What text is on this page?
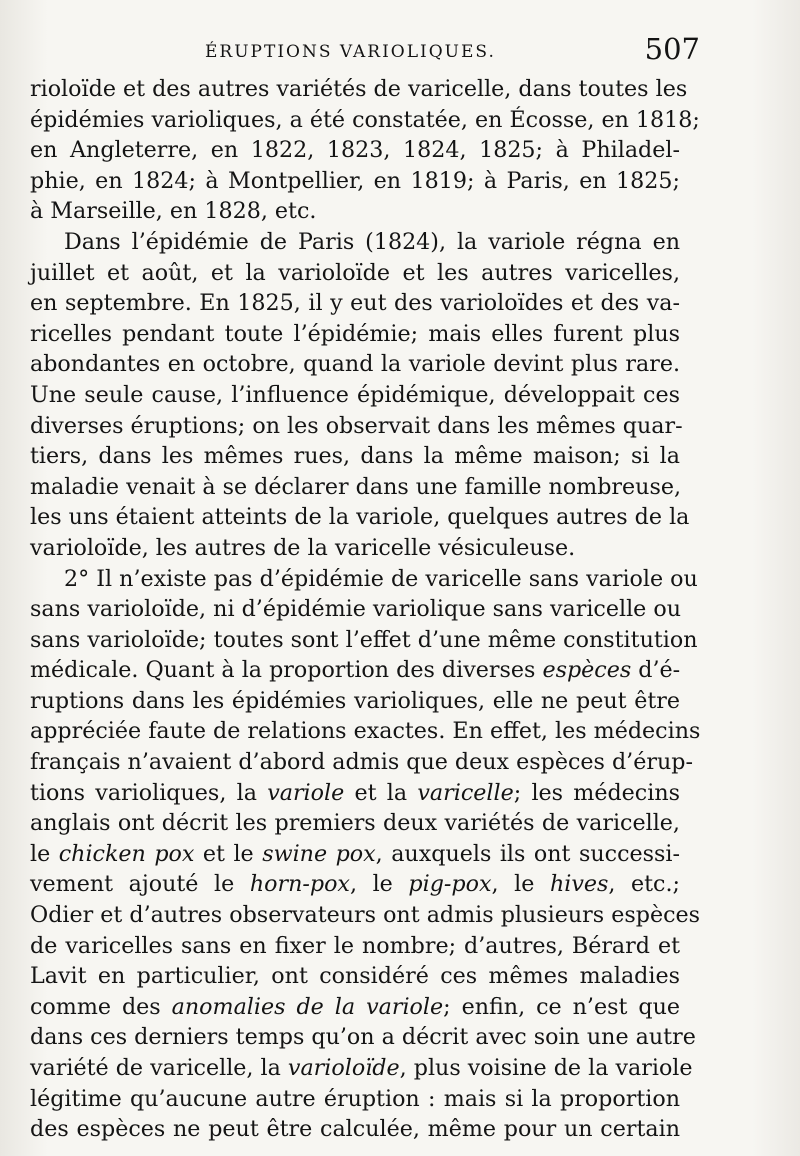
ÉRUPTIONS VARIOLIQUES.	507
rioloïde et des autres variétés de varicelle, dans toutes les
épidémies varioliques, a été constatée, en Écosse, en 1818;
en Angleterre, en 1822, 1823, 1824, 1825; à Philadel-
phie, en 1824; à Montpellier, en 1819; à Paris, en 1825;
à Marseille, en 1828, etc.
Dans l’épidémie de Paris (1824), la variole régna en
juillet et août, et la varioloïde et les autres varicelles,
en septembre. En 1825, il y eut des varioloïdes et des va-
ricelles pendant toute l’épidémie; mais elles furent plus
abondantes en octobre, quand la variole devint plus rare.
Une seule cause, l’influence épidémique, développait ces
diverses éruptions; on les observait dans les mêmes quar-
tiers, dans les mêmes rues, dans la même maison; si la
maladie venait à se déclarer dans une famille nombreuse,
les uns étaient atteints de la variole, quelques autres de la
varioloïde, les autres de la varicelle vésiculeuse.
2° Il n’existe pas d’épidémie de varicelle sans variole ou
sans varioloïde, ni d’épidémie variolique sans varicelle ou
sans varioloïde; toutes sont l’effet d’une même constitution
médicale. Quant à la proportion des diverses espèces d’é-
ruptions dans les épidémies varioliques, elle ne peut être
appréciée faute de relations exactes. En effet, les médecins
français n’avaient d’abord admis que deux espèces d’érup-
tions varioliques, la variole et la varicelle; les médecins
anglais ont décrit les premiers deux variétés de varicelle,
le chicken pox et le swine pox, auxquels ils ont successi-
vement ajouté le horn-pox, le pig-pox, le hives, etc.;
Odier et d’autres observateurs ont admis plusieurs espèces
de varicelles sans en fixer le nombre; d’autres, Bérard et
Lavit en particulier, ont considéré ces mêmes maladies
comme des anomalies de la variole; enfin, ce n’est que
dans ces derniers temps qu’on a décrit avec soin une autre
variété de varicelle, la varioloïde, plus voisine de la variole
légitime qu’aucune autre éruption : mais si la proportion
des espèces ne peut être calculée, même pour un certain
